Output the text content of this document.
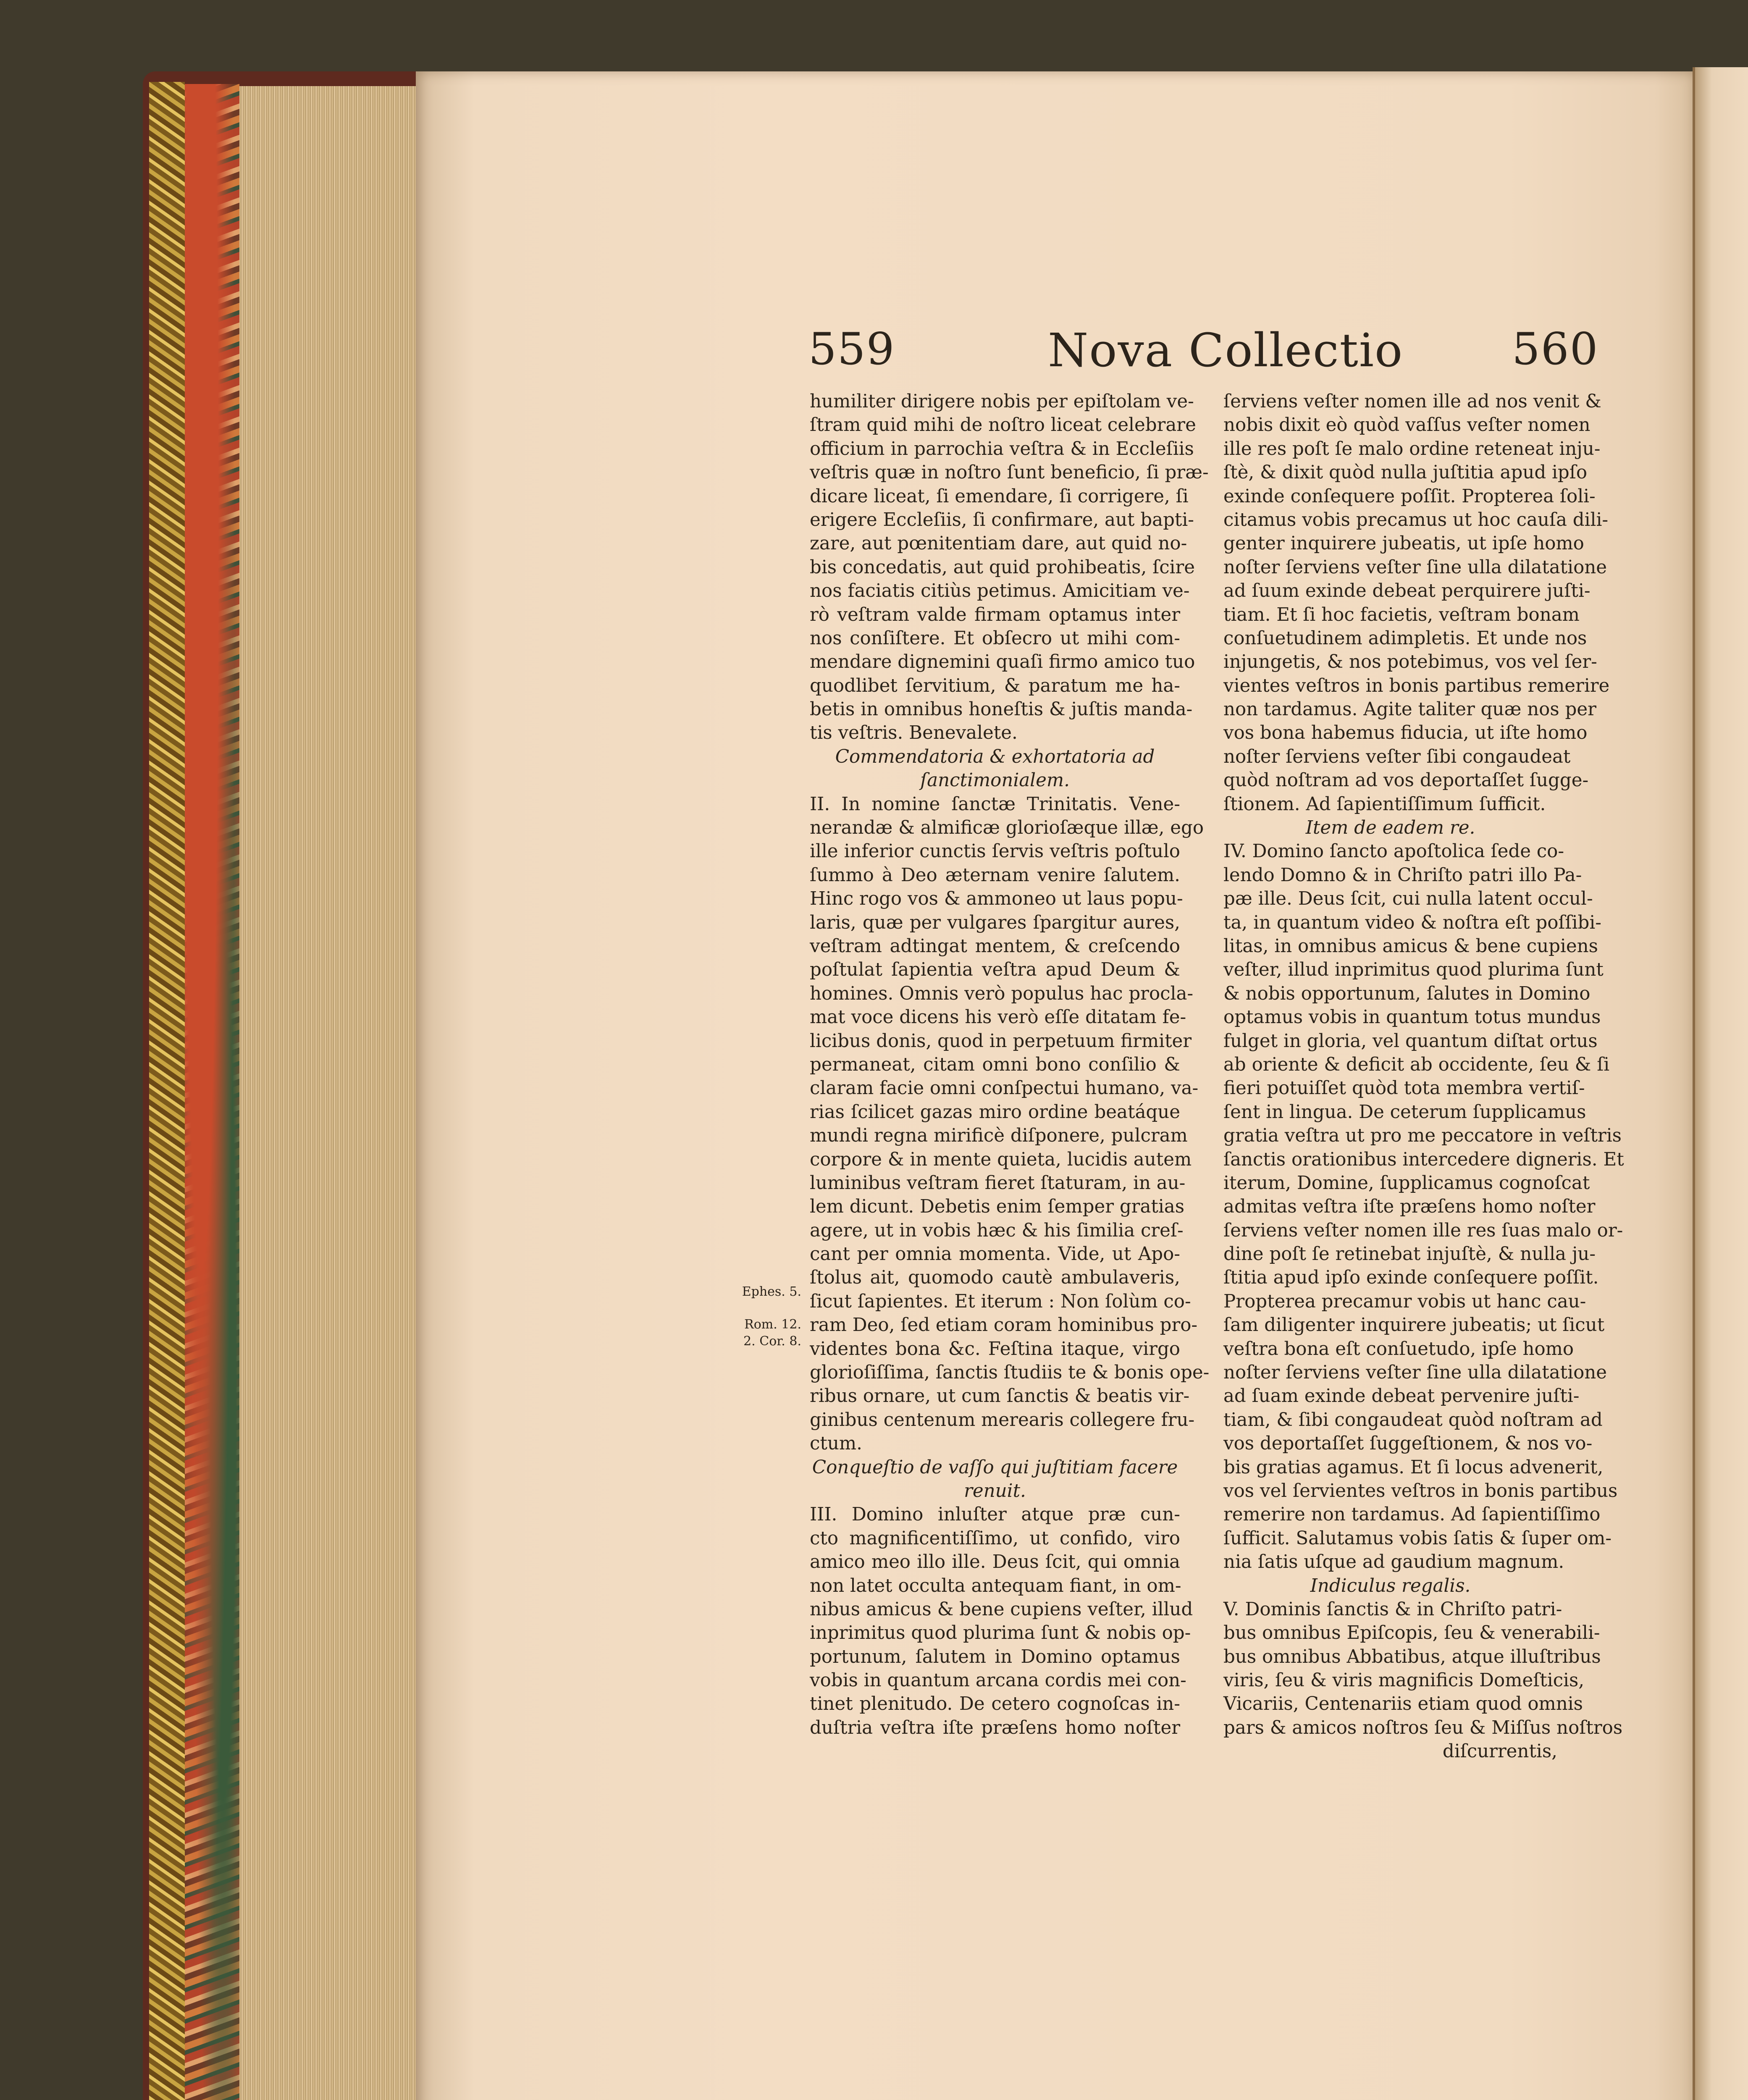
559	Nova Collectio 560
Ephes. 5.
Rom. 12.
2. Cor. 8.
humiliter dirigere nobis per epiſtolam ve-
ſtram quid mihi de noſtro liceat celebrare
officium in parrochia veſtra & in Eccleſiis
veſtris quæ in noſtro ſunt beneficio, ſi præ-
dicare liceat, ſi emendare, ſi corrigere, ſi
erigere Eccleſiis, ſi confirmare, aut bapti-
zare, aut pœnitentiam dare, aut quid no-
bis concedatis, aut quid prohibeatis, ſcire
nos faciatis citiùs petimus. Amicitiam ve-
rò veſtram valde firmam optamus inter
nos conſiſtere. Et obſecro ut mihi com-
mendare dignemini quaſi firmo amico tuo
quodlibet ſervitium, & paratum me ha-
betis in omnibus honeſtis & juſtis manda-
tis veſtris. Benevalete.
Commendatoria & exhortatoria ad
ſanctimonialem.
II. In nomine ſanctæ Trinitatis. Vene-
nerandæ & almificæ glorioſæque illæ, ego
ille inferior cunctis ſervis veſtris poſtulo
ſummo à Deo æternam venire ſalutem.
Hinc rogo vos & ammoneo ut laus popu-
laris, quæ per vulgares ſpargitur aures,
veſtram adtingat mentem, & creſcendo
poſtulat ſapientia veſtra apud Deum &
homines. Omnis verò populus hac procla-
mat voce dicens his verò eſſe ditatam fe-
licibus donis, quod in perpetuum firmiter
permaneat, citam omni bono conſilio &
claram facie omni conſpectui humano, va-
rias ſcilicet gazas miro ordine beatáque
mundi regna mirificè diſponere, pulcram
corpore & in mente quieta, lucidis autem
luminibus veſtram fieret ſtaturam, in au-
lem dicunt. Debetis enim ſemper gratias
agere, ut in vobis hæc & his ſimilia creſ-
cant per omnia momenta. Vide, ut Apo-
ſtolus ait, quomodo cautè ambulaveris,
ſicut ſapientes. Et iterum : Non ſolùm co-
ram Deo, ſed etiam coram hominibus pro-
videntes bona &c. Feſtina itaque, virgo
glorioſiſſima, ſanctis ſtudiis te & bonis ope-
ribus ornare, ut cum ſanctis & beatis vir-
ginibus centenum merearis collegere fru-
ctum.
Conqueſtio de vaſſo qui juſtitiam facere
renuit.
III. Domino inluſter atque præ cun-
cto magnificentiſſimo, ut confido, viro
amico meo illo ille. Deus ſcit, qui omnia
non latet occulta antequam fiant, in om-
nibus amicus & bene cupiens veſter, illud
inprimitus quod plurima ſunt & nobis op-
portunum, ſalutem in Domino optamus
vobis in quantum arcana cordis mei con-
tinet plenitudo. De cetero cognoſcas in-
duſtria veſtra iſte præſens homo noſter
ſerviens veſter nomen ille ad nos venit &
nobis dixit eò quòd vaſſus veſter nomen
ille res poſt ſe malo ordine reteneat inju-
ſtè, & dixit quòd nulla juſtitia apud ipſo
exinde conſequere poſſit. Propterea ſoli-
citamus vobis precamus ut hoc cauſa dili-
genter inquirere jubeatis, ut ipſe homo
noſter ſerviens veſter ſine ulla dilatatione
ad ſuum exinde debeat perquirere juſti-
tiam. Et ſi hoc facietis, veſtram bonam
conſuetudinem adimpletis. Et unde nos
injungetis, & nos potebimus, vos vel ſer-
vientes veſtros in bonis partibus remerire
non tardamus. Agite taliter quæ nos per
vos bona habemus fiducia, ut iſte homo
noſter ſerviens veſter ſibi congaudeat
quòd noſtram ad vos deportaſſet ſugge-
ſtionem. Ad ſapientiſſimum ſufficit.
Item de eadem re.
IV. Domino ſancto apoſtolica ſede co-
lendo Domno & in Chriſto patri illo Pa-
pæ ille. Deus ſcit, cui nulla latent occul-
ta, in quantum video & noſtra eſt poſſibi-
litas, in omnibus amicus & bene cupiens
veſter, illud inprimitus quod plurima ſunt
& nobis opportunum, ſalutes in Domino
optamus vobis in quantum totus mundus
fulget in gloria, vel quantum diſtat ortus
ab oriente & deficit ab occidente, ſeu & ſi
fieri potuiſſet quòd tota membra vertiſ-
ſent in lingua. De ceterum ſupplicamus
gratia veſtra ut pro me peccatore in veſtris
ſanctis orationibus intercedere digneris. Et
iterum, Domine, ſupplicamus cognoſcat
admitas veſtra iſte præſens homo noſter
ſerviens veſter nomen ille res ſuas malo or-
dine poſt ſe retinebat injuſtè, & nulla ju-
ſtitia apud ipſo exinde conſequere poſſit.
Propterea precamur vobis ut hanc cau-
ſam diligenter inquirere jubeatis; ut ſicut
veſtra bona eſt conſuetudo, ipſe homo
noſter ſerviens veſter ſine ulla dilatatione
ad ſuam exinde debeat pervenire juſti-
tiam, & ſibi congaudeat quòd noſtram ad
vos deportaſſet ſuggeſtionem, & nos vo-
bis gratias agamus. Et ſi locus advenerit,
vos vel ſervientes veſtros in bonis partibus
remerire non tardamus. Ad ſapientiſſimo
ſufficit. Salutamus vobis ſatis & ſuper om-
nia ſatis uſque ad gaudium magnum.
Indiculus regalis.
V. Dominis ſanctis & in Chriſto patri-
bus omnibus Epiſcopis, ſeu & venerabili-
bus omnibus Abbatibus, atque illuſtribus
viris, ſeu & viris magnificis Domeſticis,
Vicariis, Centenariis etiam quod omnis
pars & amicos noſtros ſeu & Miſſus noſtros
diſcurrentis,
